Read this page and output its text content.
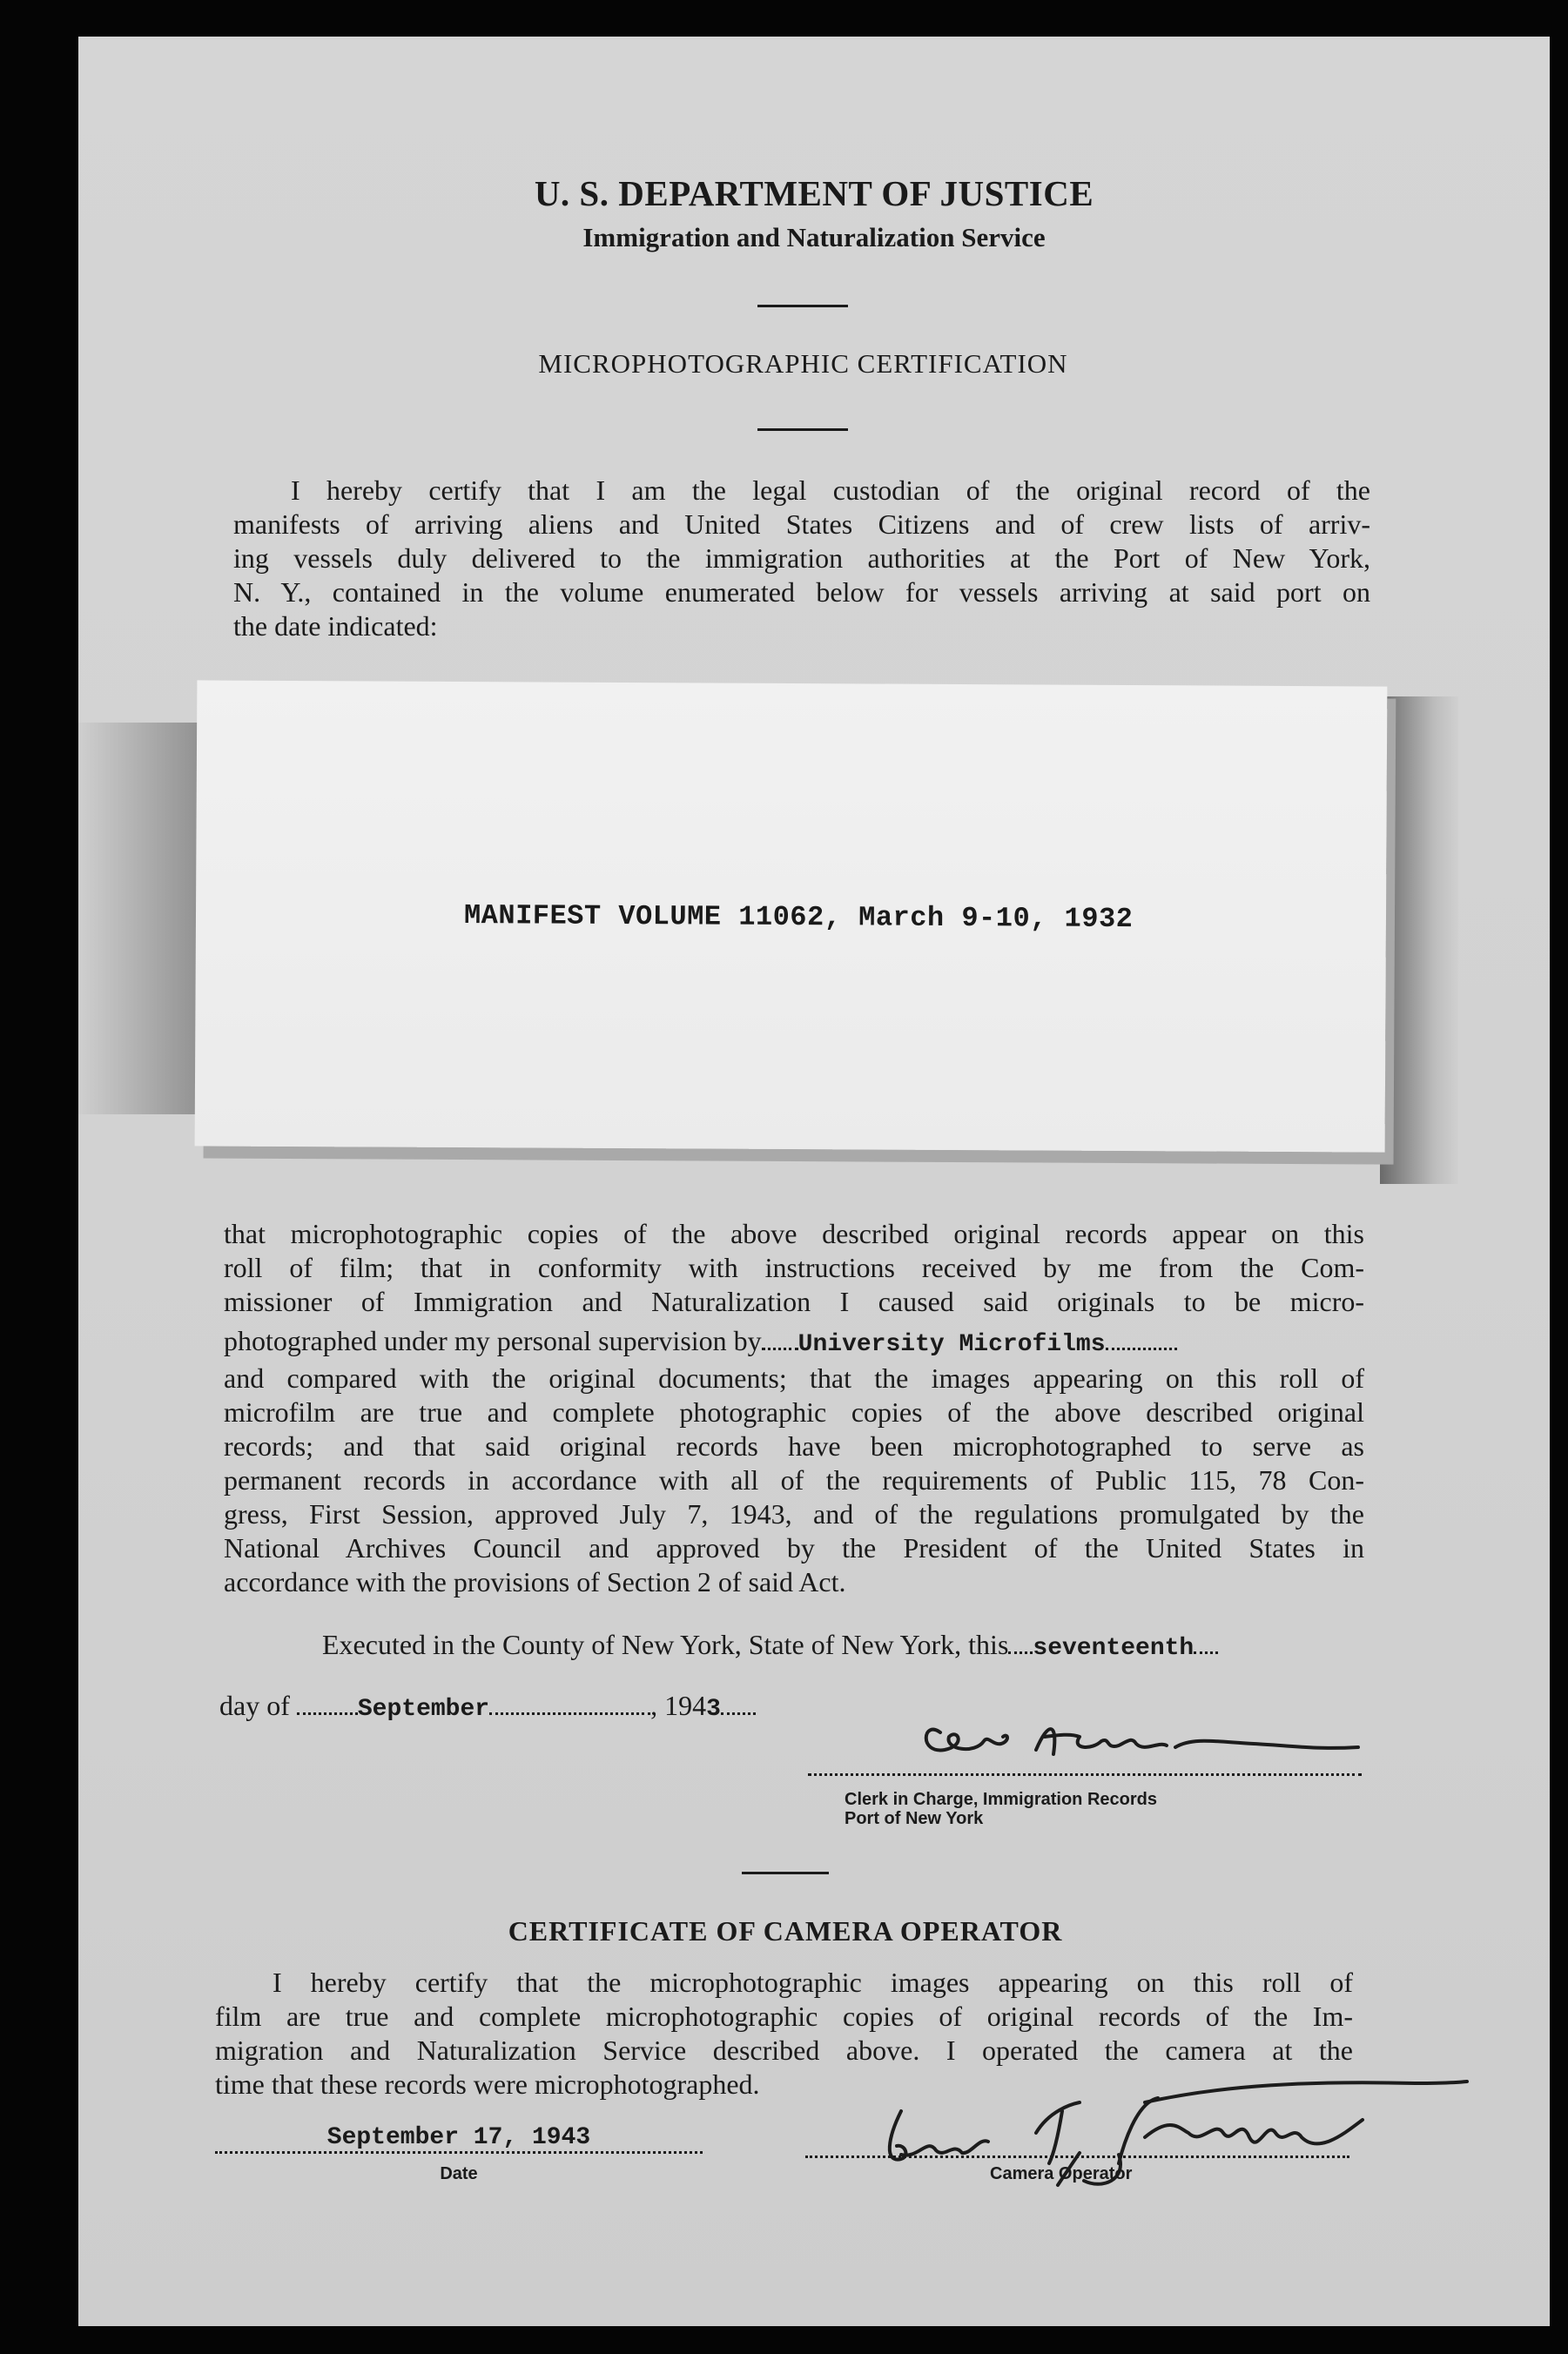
U. S. DEPARTMENT OF JUSTICE
Immigration and Naturalization Service
MICROPHOTOGRAPHIC CERTIFICATION
I hereby certify that I am the legal custodian of the original record of the
manifests of arriving aliens and United States Citizens and of crew lists of arriv-
ing vessels duly delivered to the immigration authorities at the Port of New York,
N. Y., contained in the volume enumerated below for vessels arriving at said port on
the date indicated:
MANIFEST VOLUME 11062, March 9-10, 1932
that microphotographic copies of the above described original records appear on this
roll of film; that in conformity with instructions received by me from the Com-
missioner of Immigration and Naturalization I caused said originals to be micro-
photographed under my personal supervision by University Microfilms
and compared with the original documents; that the images appearing on this roll of
microfilm are true and complete photographic copies of the above described original
records; and that said original records have been microphotographed to serve as
permanent records in accordance with all of the requirements of Public 115, 78 Con-
gress, First Session, approved July 7, 1943, and of the regulations promulgated by the
National Archives Council and approved by the President of the United States in
accordance with the provisions of Section 2 of said Act.
Executed in the County of New York, State of New York, this seventeenth
day of	September	, 1943
Clerk in Charge, Immigration Records
Port of New York
CERTIFICATE OF CAMERA OPERATOR
I hereby certify that the microphotographic images appearing on this roll of
film are true and complete microphotographic copies of original records of the Im-
migration and Naturalization Service described above. I operated the camera at the
time that these records were microphotographed.
September 17, 1943
Date	Camera Operator
